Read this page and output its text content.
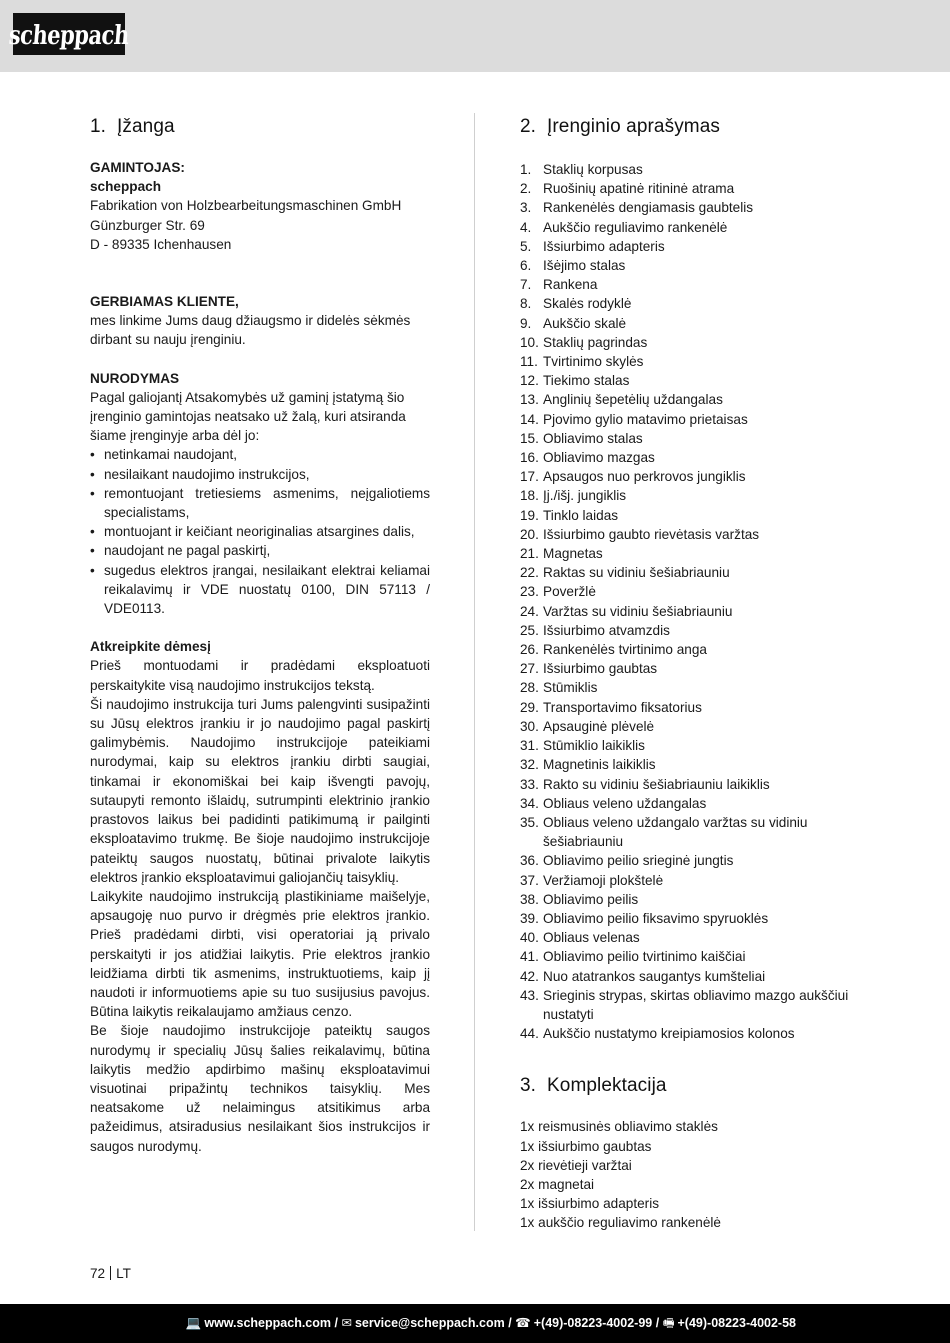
scheppach
1. Įžanga

GAMINTOJAS:

scheppach

Fabrikation von Holzbearbeitungsmaschinen GmbH

Günzburger Str. 69

D - 89335 Ichenhausen

GERBIAMAS KLIENTE,

mes linkime Jums daug džiaugsmo ir didelės sėkmės

dirbant su nauju įrenginiu.

NURODYMAS

Pagal galiojantį Atsakomybės už gaminį įstatymą šio įrenginio gamintojas neatsako už žalą, kuri atsiranda šiame įrenginyje arba dėl jo:

• netinkamai naudojant,
• nesilaikant naudojimo instrukcijos,
• remontuojant tretiesiems asmenims, neįgaliotiems specialistams,
• montuojant ir keičiant neoriginalias atsargines dalis,
• naudojant ne pagal paskirtį,
• sugedus elektros įrangai, nesilaikant elektrai keliamai reikalavimų ir VDE nuostatų 0100, DIN 57113 / VDE0113.

Atkreipkite dėmesį

Prieš montuodami ir pradėdami eksploatuoti perskaitykite visą naudojimo instrukcijos tekstą.

Ši naudojimo instrukcija turi Jums palengvinti susipažinti su Jūsų elektros įrankiu ir jo naudojimo pagal paskirtį galimybėmis. Naudojimo instrukcijoje pateikiami nurodymai, kaip su elektros įrankiu dirbti saugiai, tinkamai ir ekonomiškai bei kaip išvengti pavojų, sutaupyti remonto išlaidų, sutrumpinti elektrinio įrankio prastovos laikus bei padidinti patikimumą ir pailginti eksploatavimo trukmę. Be šioje naudojimo instrukcijoje pateiktų saugos nuostatų, būtinai privalote laikytis elektros įrankio eksploatavimui galiojančių taisyklių.

Laikykite naudojimo instrukciją plastikiniame maišelyje, apsaugoję nuo purvo ir drėgmės prie elektros įrankio. Prieš pradėdami dirbti, visi operatoriai ją privalo perskaityti ir jos atidžiai laikytis. Prie elektros įrankio leidžiama dirbti tik asmenims, instruktuotiems, kaip jį naudoti ir informuotiems apie su tuo susijusius pavojus. Būtina laikytis reikalaujamo amžiaus cenzo.

Be šioje naudojimo instrukcijoje pateiktų saugos nurodymų ir specialių Jūsų šalies reikalavimų, būtina laikytis medžio apdirbimo mašinų eksploatavimui visuotinai pripažintų technikos taisyklių. Mes neatsakome už nelaimingus atsitikimus arba pažeidimus, atsiradusius nesilaikant šios instrukcijos ir saugos nurodymų.

2. Įrenginio aprašymas
1. Staklių korpusas
2. Ruošinių apatinė ritininė atrama
3. Rankenėlės dengiamasis gaubtelis
4. Aukščio reguliavimo rankenėlė
5. Išsiurbimo adapteris
6. Išėjimo stalas
7. Rankena
8. Skalės rodyklė
9. Aukščio skalė
10. Staklių pagrindas
11. Tvirtinimo skylės
12. Tiekimo stalas
13. Anglinių šepetėlių uždangalas
14. Pjovimo gylio matavimo prietaisas
15. Obliavimo stalas
16. Obliavimo mazgas
17. Apsaugos nuo perkrovos jungiklis
18. Įj./išj. jungiklis
19. Tinklo laidas
20. Išsiurbimo gaubto rievėtasis varžtas
21. Magnetas
22. Raktas su vidiniu šešiabriauniu
23. Poveržlė
24. Varžtas su vidiniu šešiabriauniu
25. Išsiurbimo atvamzdis
26. Rankenėlės tvirtinimo anga
27. Išsiurbimo gaubtas
28. Stūmiklis
29. Transportavimo fiksatorius
30. Apsauginė plėvelė
31. Stūmiklio laikiklis
32. Magnetinis laikiklis
33. Rakto su vidiniu šešiabriauniu laikiklis
34. Obliaus veleno uždangalas
35. Obliaus veleno uždangalo varžtas su vidiniu šešiabriauniu
36. Obliavimo peilio srieginė jungtis
37. Veržiamoji plokštelė
38. Obliavimo peilis
39. Obliavimo peilio fiksavimo spyruoklės
40. Obliaus velenas
41. Obliavimo peilio tvirtinimo kaiščiai
42. Nuo atatrankos saugantys kumšteliai
43. Srieginis strypas, skirtas obliavimo mazgo aukščiui nustatyti
44. Aukščio nustatymo kreipiamosios kolonos
3. Komplektacija
1x reismusinės obliavimo staklės
1x išsiurbimo gaubtas
2x rievėtieji varžtai
2x magnetai
1x išsiurbimo adapteris
1x aukščio reguliavimo rankenėlė
72 LT
💻 www.scheppach.com / ✉ service@scheppach.com / ☎ +(49)-08223-4002-99 / 🖷 +(49)-08223-4002-58
